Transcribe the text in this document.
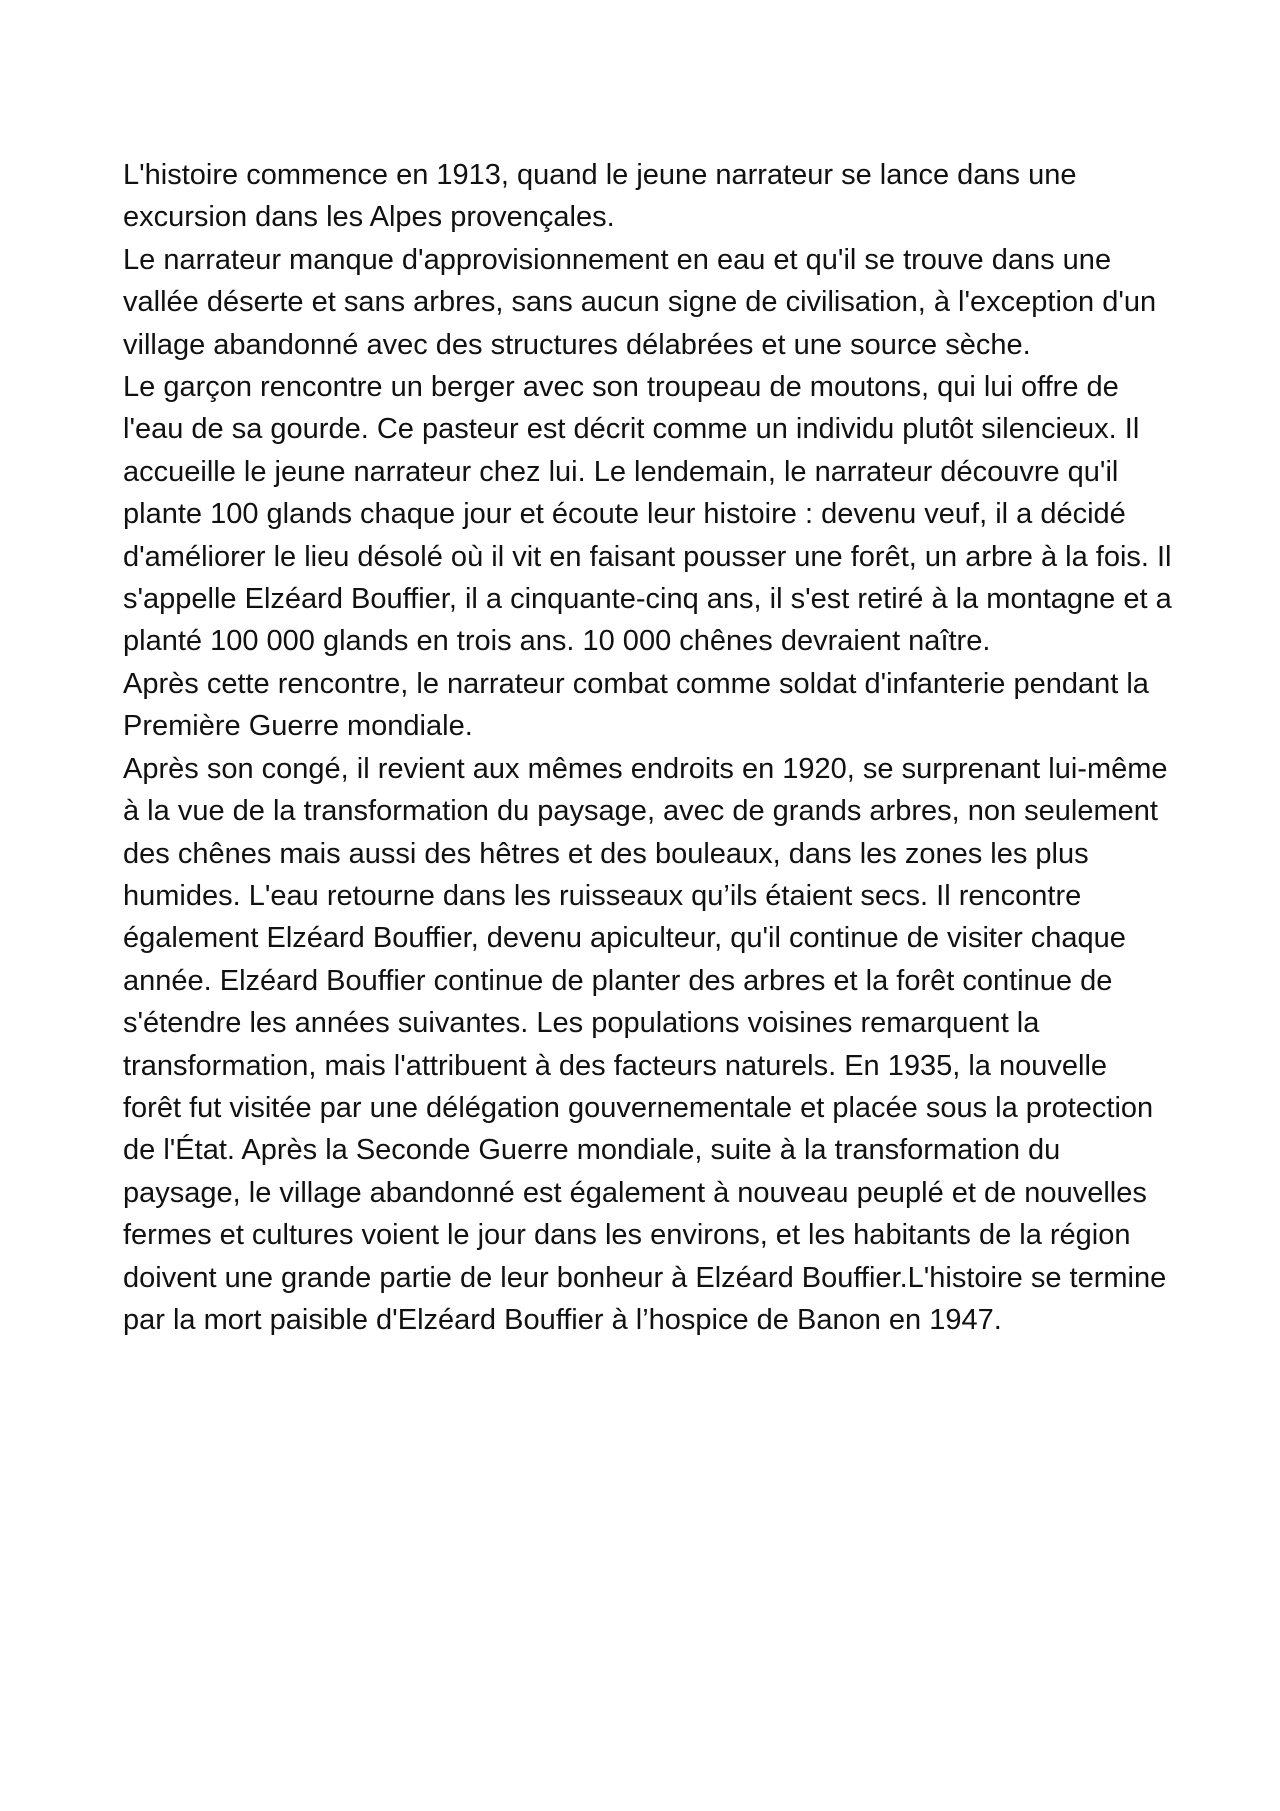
L'histoire commence en 1913, quand le jeune narrateur se lance dans une excursion dans les Alpes provençales.

Le narrateur manque d'approvisionnement en eau et qu'il se trouve dans une vallée déserte et sans arbres, sans aucun signe de civilisation, à l'exception d'un village abandonné avec des structures délabrées et une source sèche.

Le garçon rencontre un berger avec son troupeau de moutons, qui lui offre de l'eau de sa gourde. Ce pasteur est décrit comme un individu plutôt silencieux. Il accueille le jeune narrateur chez lui. Le lendemain, le narrateur découvre qu'il plante 100 glands chaque jour et écoute leur histoire : devenu veuf, il a décidé d'améliorer le lieu désolé où il vit en faisant pousser une forêt, un arbre à la fois. Il s'appelle Elzéard Bouffier, il a cinquante-cinq ans, il s'est retiré à la montagne et a planté 100 000 glands en trois ans. 10 000 chênes devraient naître.

Après cette rencontre, le narrateur combat comme soldat d'infanterie pendant la Première Guerre mondiale.

Après son congé, il revient aux mêmes endroits en 1920, se surprenant lui-même à la vue de la transformation du paysage, avec de grands arbres, non seulement des chênes mais aussi des hêtres et des bouleaux, dans les zones les plus humides. L'eau retourne dans les ruisseaux qu’ils étaient secs. Il rencontre également Elzéard Bouffier, devenu apiculteur, qu'il continue de visiter chaque année. Elzéard Bouffier continue de planter des arbres et la forêt continue de s'étendre les années suivantes. Les populations voisines remarquent la transformation, mais l'attribuent à des facteurs naturels. En 1935, la nouvelle forêt fut visitée par une délégation gouvernementale et placée sous la protection de l'État. Après la Seconde Guerre mondiale, suite à la transformation du paysage, le village abandonné est également à nouveau peuplé et de nouvelles fermes et cultures voient le jour dans les environs, et les habitants de la région doivent une grande partie de leur bonheur à Elzéard Bouffier.L'histoire se termine par la mort paisible d'Elzéard Bouffier à l’hospice de Banon en 1947.
